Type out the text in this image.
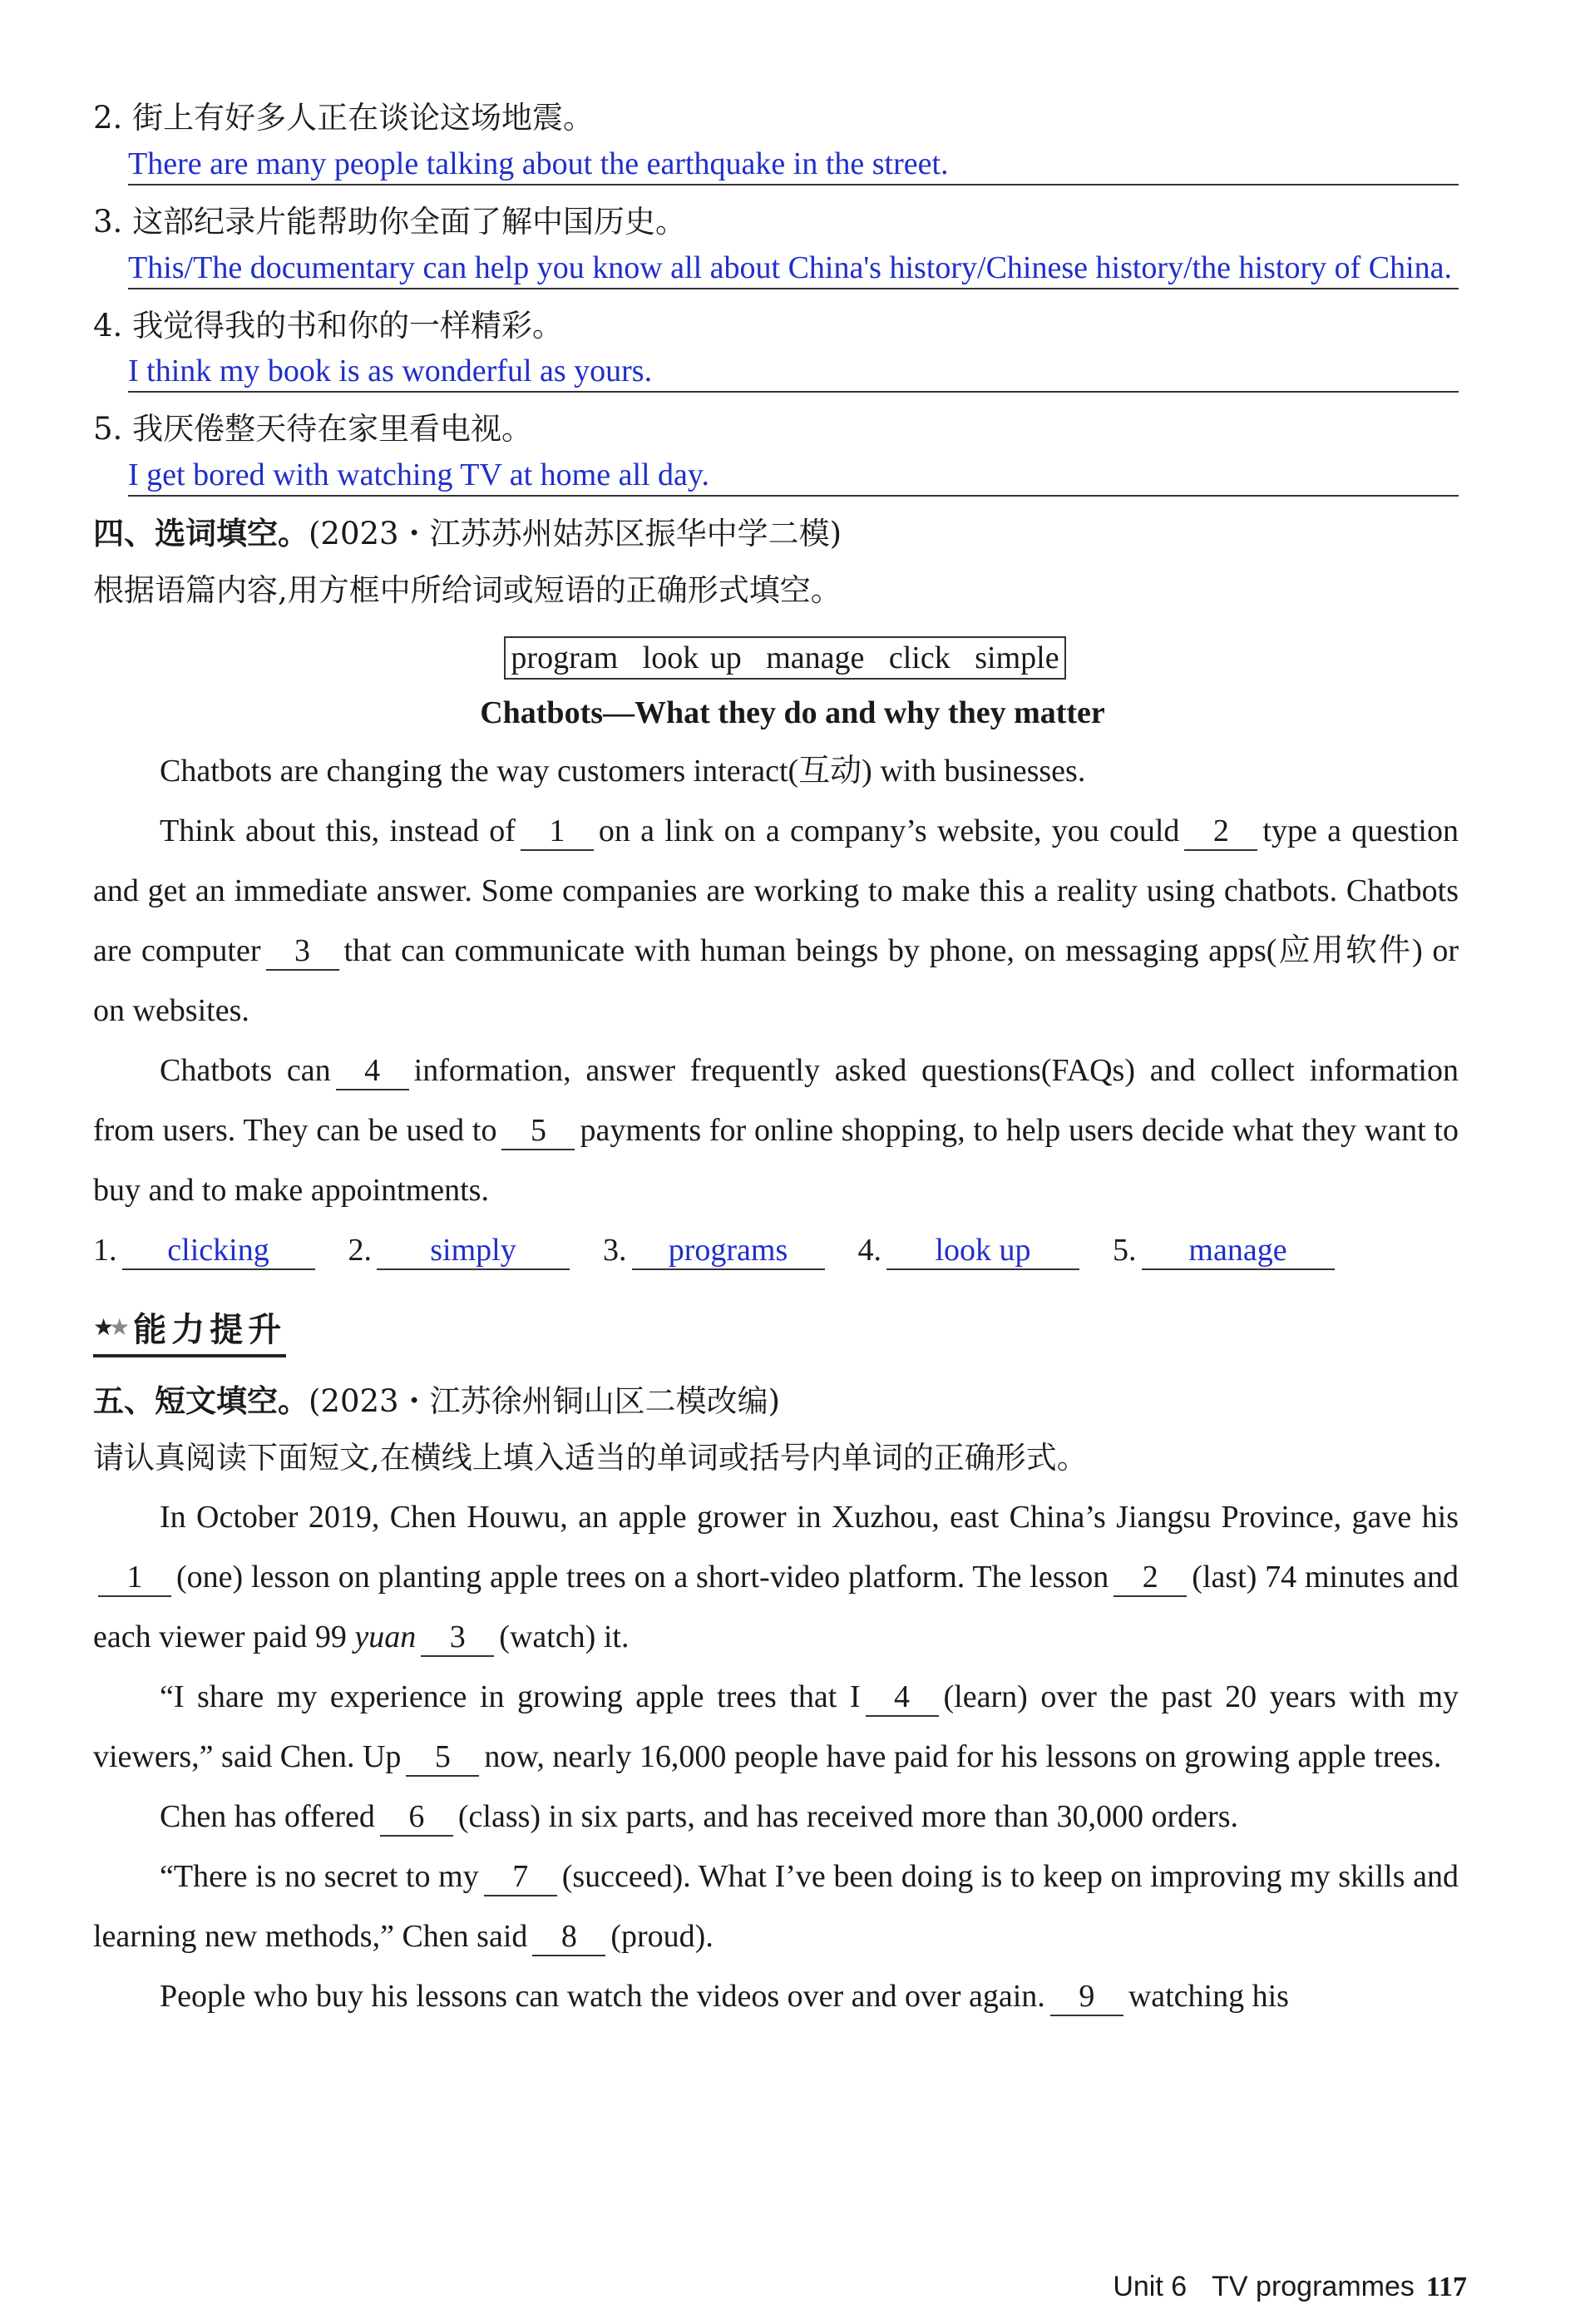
2. 街上有好多人正在谈论这场地震。
There are many people talking about the earthquake in the street.
3. 这部纪录片能帮助你全面了解中国历史。
This/The documentary can help you know all about China's history/Chinese history/the history of China.
4. 我觉得我的书和你的一样精彩。
I think my book is as wonderful as yours.
5. 我厌倦整天待在家里看电视。
I get bored with watching TV at home all day.
四、选词填空。(2023・江苏苏州姑苏区振华中学二模)
根据语篇内容,用方框中所给词或短语的正确形式填空。
program look up manage click simple
Chatbots—What they do and why they matter

Chatbots are changing the way customers interact(互动) with businesses.

Think about this, instead of 1 on a link on a company’s website, you could 2 type a question and get an immediate answer. Some companies are working to make this a reality using chatbots. Chatbots are computer 3 that can communicate with human beings by phone, on messaging apps(应用软件) or on websites.

Chatbots can 4 information, answer frequently asked questions(FAQs) and collect information from users. They can be used to 5 payments for online shopping, to help users decide what they want to buy and to make appointments.

1. clicking	2. simply	3. programs	4. look up	5. manage
★★ 能力提升
五、短文填空。(2023・江苏徐州铜山区二模改编)
请认真阅读下面短文,在横线上填入适当的单词或括号内单词的正确形式。

In October 2019, Chen Houwu, an apple grower in Xuzhou, east China’s Jiangsu Province, gave his1 (one) lesson on planting apple trees on a short-video platform. The lesson 2 (last) 74 minutes and each viewer paid 99 yuan 3 (watch) it.

“I share my experience in growing apple trees that I 4 (learn) over the past 20 years with my viewers,” said Chen. Up 5 now, nearly 16,000 people have paid for his lessons on growing apple trees.

Chen has offered 6 (class) in six parts, and has received more than 30,000 orders.

“There is no secret to my 7 (succeed). What I’ve been doing is to keep on improving my skills and learning new methods,” Chen said 8 (proud).

People who buy his lessons can watch the videos over and over again. 9 watching his

Unit 6 TV programmes 117
